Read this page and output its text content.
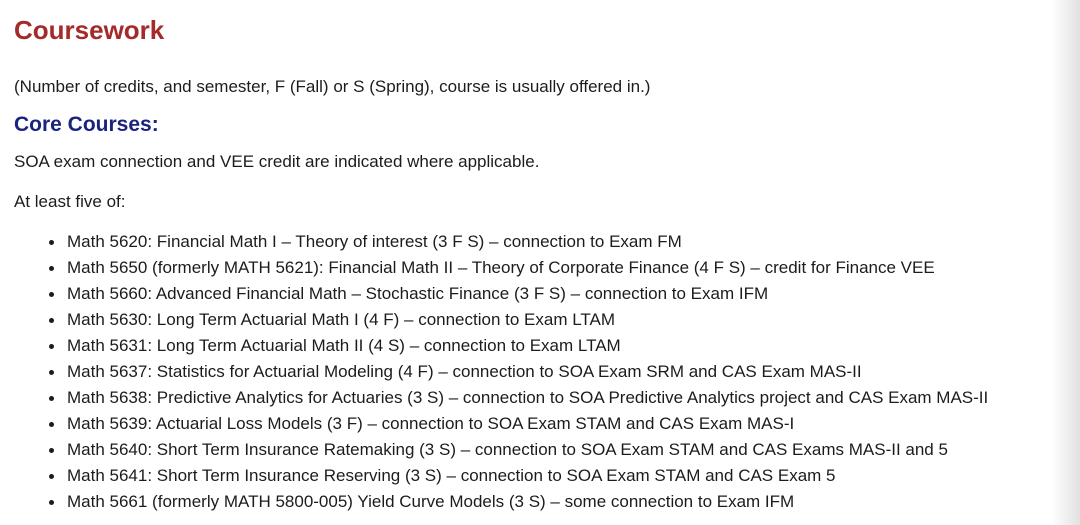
Coursework

(Number of credits, and semester, F (Fall) or S (Spring), course is usually offered in.)

Core Courses:

SOA exam connection and VEE credit are indicated where applicable.

At least five of:

Math 5620: Financial Math I – Theory of interest (3 F S) – connection to Exam FM
Math 5650 (formerly MATH 5621): Financial Math II – Theory of Corporate Finance (4 F S) – credit for Finance VEE
Math 5660: Advanced Financial Math – Stochastic Finance (3 F S) – connection to Exam IFM
Math 5630: Long Term Actuarial Math I (4 F) – connection to Exam LTAM
Math 5631: Long Term Actuarial Math II (4 S) – connection to Exam LTAM
Math 5637: Statistics for Actuarial Modeling (4 F) – connection to SOA Exam SRM and CAS Exam MAS-II
Math 5638: Predictive Analytics for Actuaries (3 S) – connection to SOA Predictive Analytics project and CAS Exam MAS-II
Math 5639: Actuarial Loss Models (3 F) – connection to SOA Exam STAM and CAS Exam MAS-I
Math 5640: Short Term Insurance Ratemaking (3 S) – connection to SOA Exam STAM and CAS Exams MAS-II and 5
Math 5641: Short Term Insurance Reserving (3 S) – connection to SOA Exam STAM and CAS Exam 5
Math 5661 (formerly MATH 5800-005) Yield Curve Models (3 S) – some connection to Exam IFM
